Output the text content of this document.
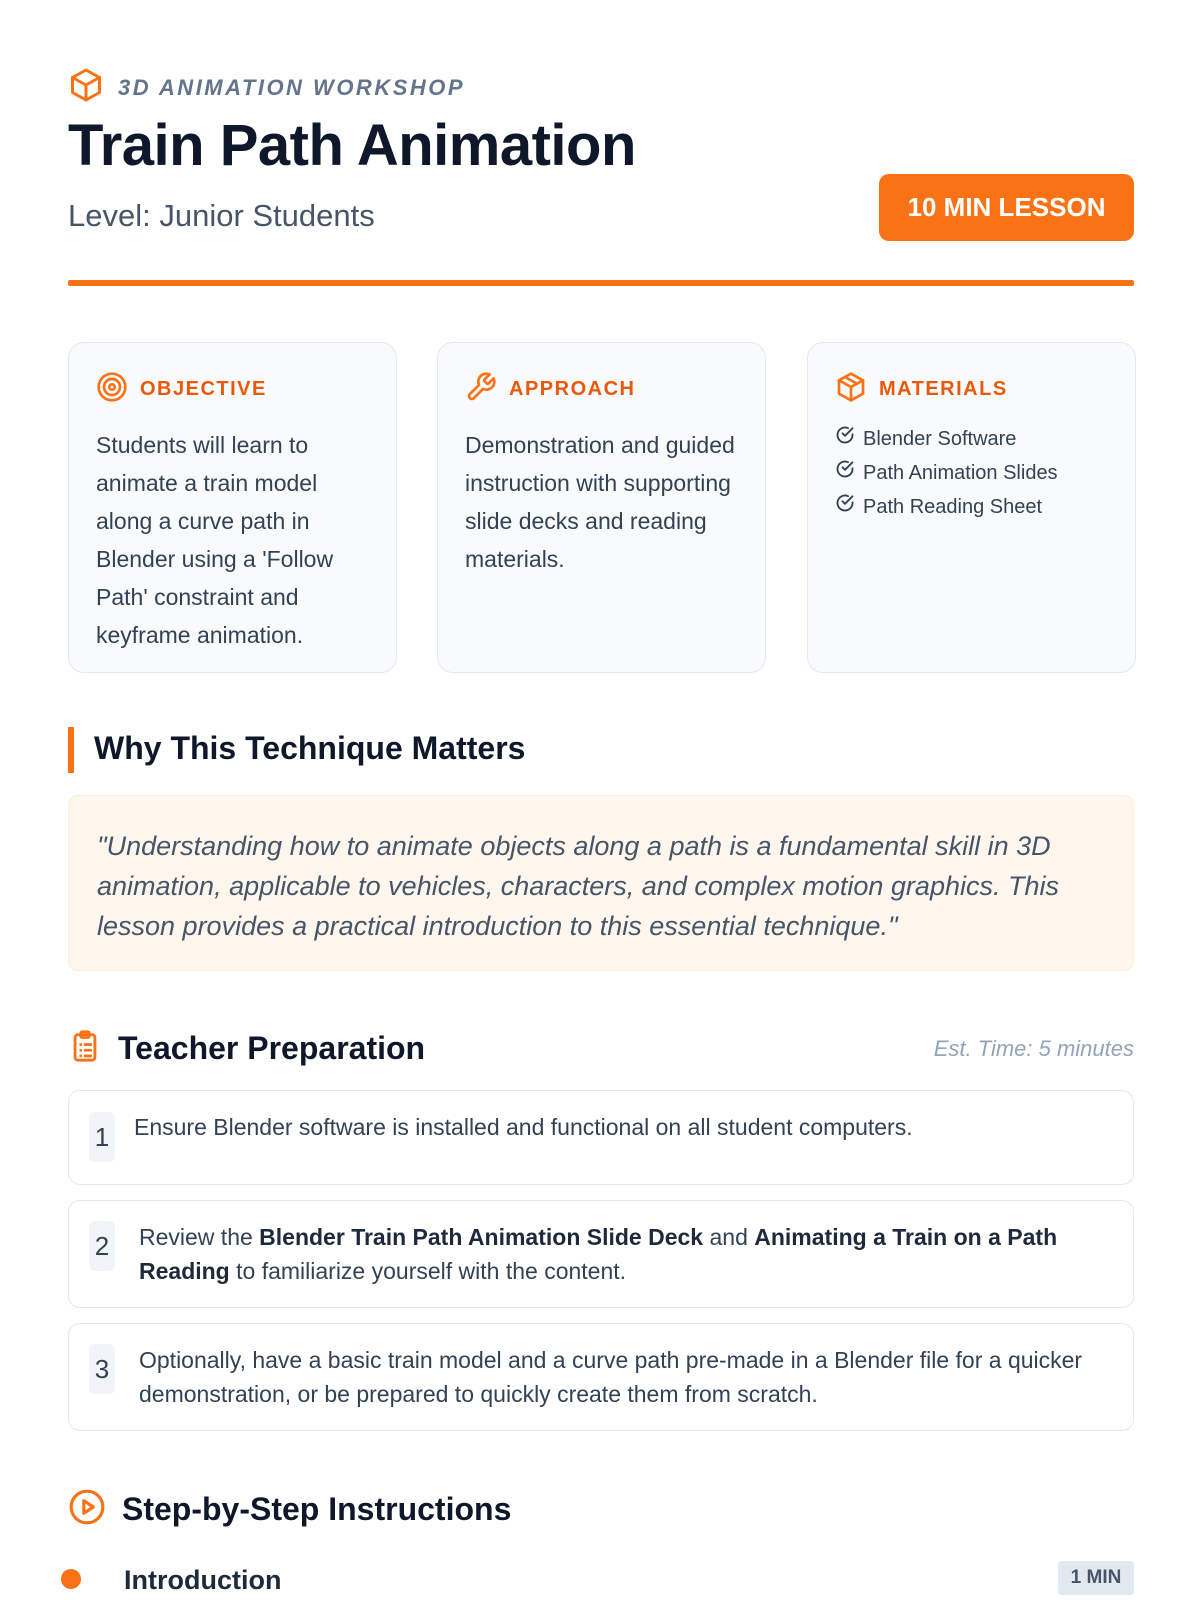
3D ANIMATION WORKSHOP
Train Path Animation
Level: Junior Students	10 MIN LESSON
OBJECTIVE

Students will learn to animate a train model along a curve path in Blender using a 'Follow Path' constraint and keyframe animation.

APPROACH

Demonstration and guided instruction with supporting slide decks and reading materials.

MATERIALS
Blender Software
Path Animation Slides
Path Reading Sheet
Why This Technique Matters

"Understanding how to animate objects along a path is a fundamental skill in 3D animation, applicable to vehicles, characters, and complex motion graphics. This lesson provides a practical introduction to this essential technique."

Teacher Preparation	Est. Time: 5 minutes
1 Ensure Blender software is installed and functional on all student computers.

2 Review the Blender Train Path Animation Slide Deck and Animating a Train on a Path Reading to familiarize yourself with the content.

3 Optionally, have a basic train model and a curve path pre-made in a Blender file for a quicker demonstration, or be prepared to quickly create them from scratch.

Step-by-Step Instructions
Introduction	1 MIN
